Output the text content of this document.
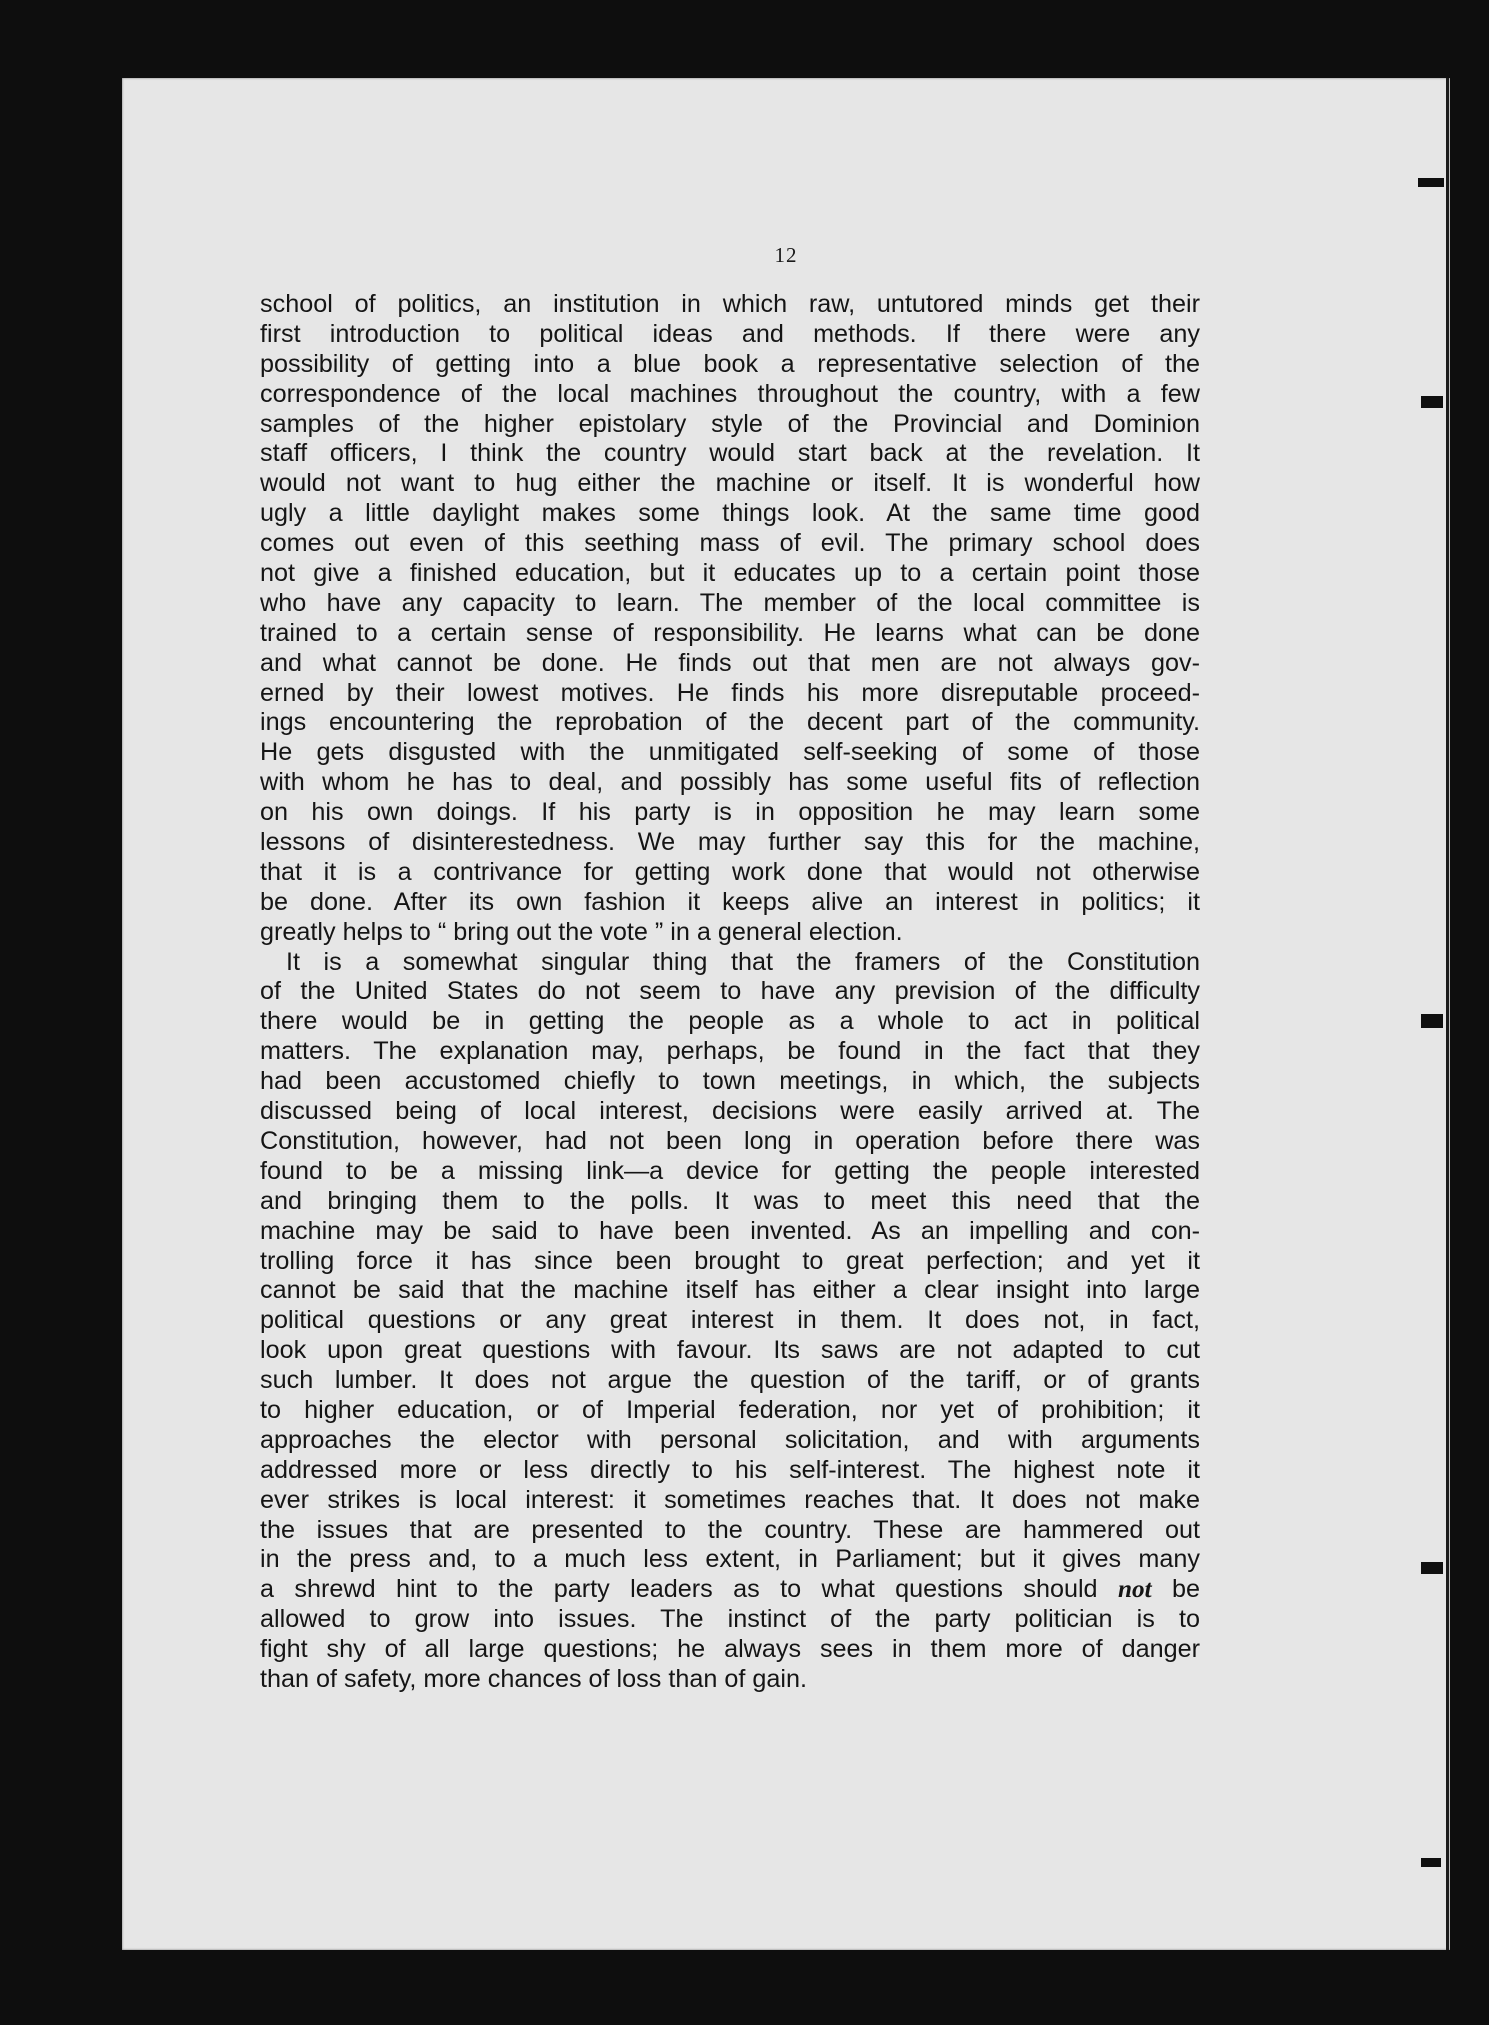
12
school of politics, an institution in which raw, untutored minds get their
first introduction to political ideas and methods. If there were any
possibility of getting into a blue book a representative selection of the
correspondence of the local machines throughout the country, with a few
samples of the higher epistolary style of the Provincial and Dominion
staff officers, I think the country would start back at the revelation. It
would not want to hug either the machine or itself. It is wonderful how
ugly a little daylight makes some things look. At the same time good
comes out even of this seething mass of evil. The primary school does
not give a finished education, but it educates up to a certain point those
who have any capacity to learn. The member of the local committee is
trained to a certain sense of responsibility. He learns what can be done
and what cannot be done. He finds out that men are not always gov-
erned by their lowest motives. He finds his more disreputable proceed-
ings encountering the reprobation of the decent part of the community.
He gets disgusted with the unmitigated self-seeking of some of those
with whom he has to deal, and possibly has some useful fits of reflection
on his own doings. If his party is in opposition he may learn some
lessons of disinterestedness. We may further say this for the machine,
that it is a contrivance for getting work done that would not otherwise
be done. After its own fashion it keeps alive an interest in politics; it
greatly helps to “ bring out the vote ” in a general election.
It is a somewhat singular thing that the framers of the Constitution
of the United States do not seem to have any prevision of the difficulty
there would be in getting the people as a whole to act in political
matters. The explanation may, perhaps, be found in the fact that they
had been accustomed chiefly to town meetings, in which, the subjects
discussed being of local interest, decisions were easily arrived at. The
Constitution, however, had not been long in operation before there was
found to be a missing link—a device for getting the people interested
and bringing them to the polls. It was to meet this need that the
machine may be said to have been invented. As an impelling and con-
trolling force it has since been brought to great perfection; and yet it
cannot be said that the machine itself has either a clear insight into large
political questions or any great interest in them. It does not, in fact,
look upon great questions with favour. Its saws are not adapted to cut
such lumber. It does not argue the question of the tariff, or of grants
to higher education, or of Imperial federation, nor yet of prohibition; it
approaches the elector with personal solicitation, and with arguments
addressed more or less directly to his self-interest. The highest note it
ever strikes is local interest: it sometimes reaches that. It does not make
the issues that are presented to the country. These are hammered out
in the press and, to a much less extent, in Parliament; but it gives many
a shrewd hint to the party leaders as to what questions should not be
allowed to grow into issues. The instinct of the party politician is to
fight shy of all large questions; he always sees in them more of danger
than of safety, more chances of loss than of gain.
